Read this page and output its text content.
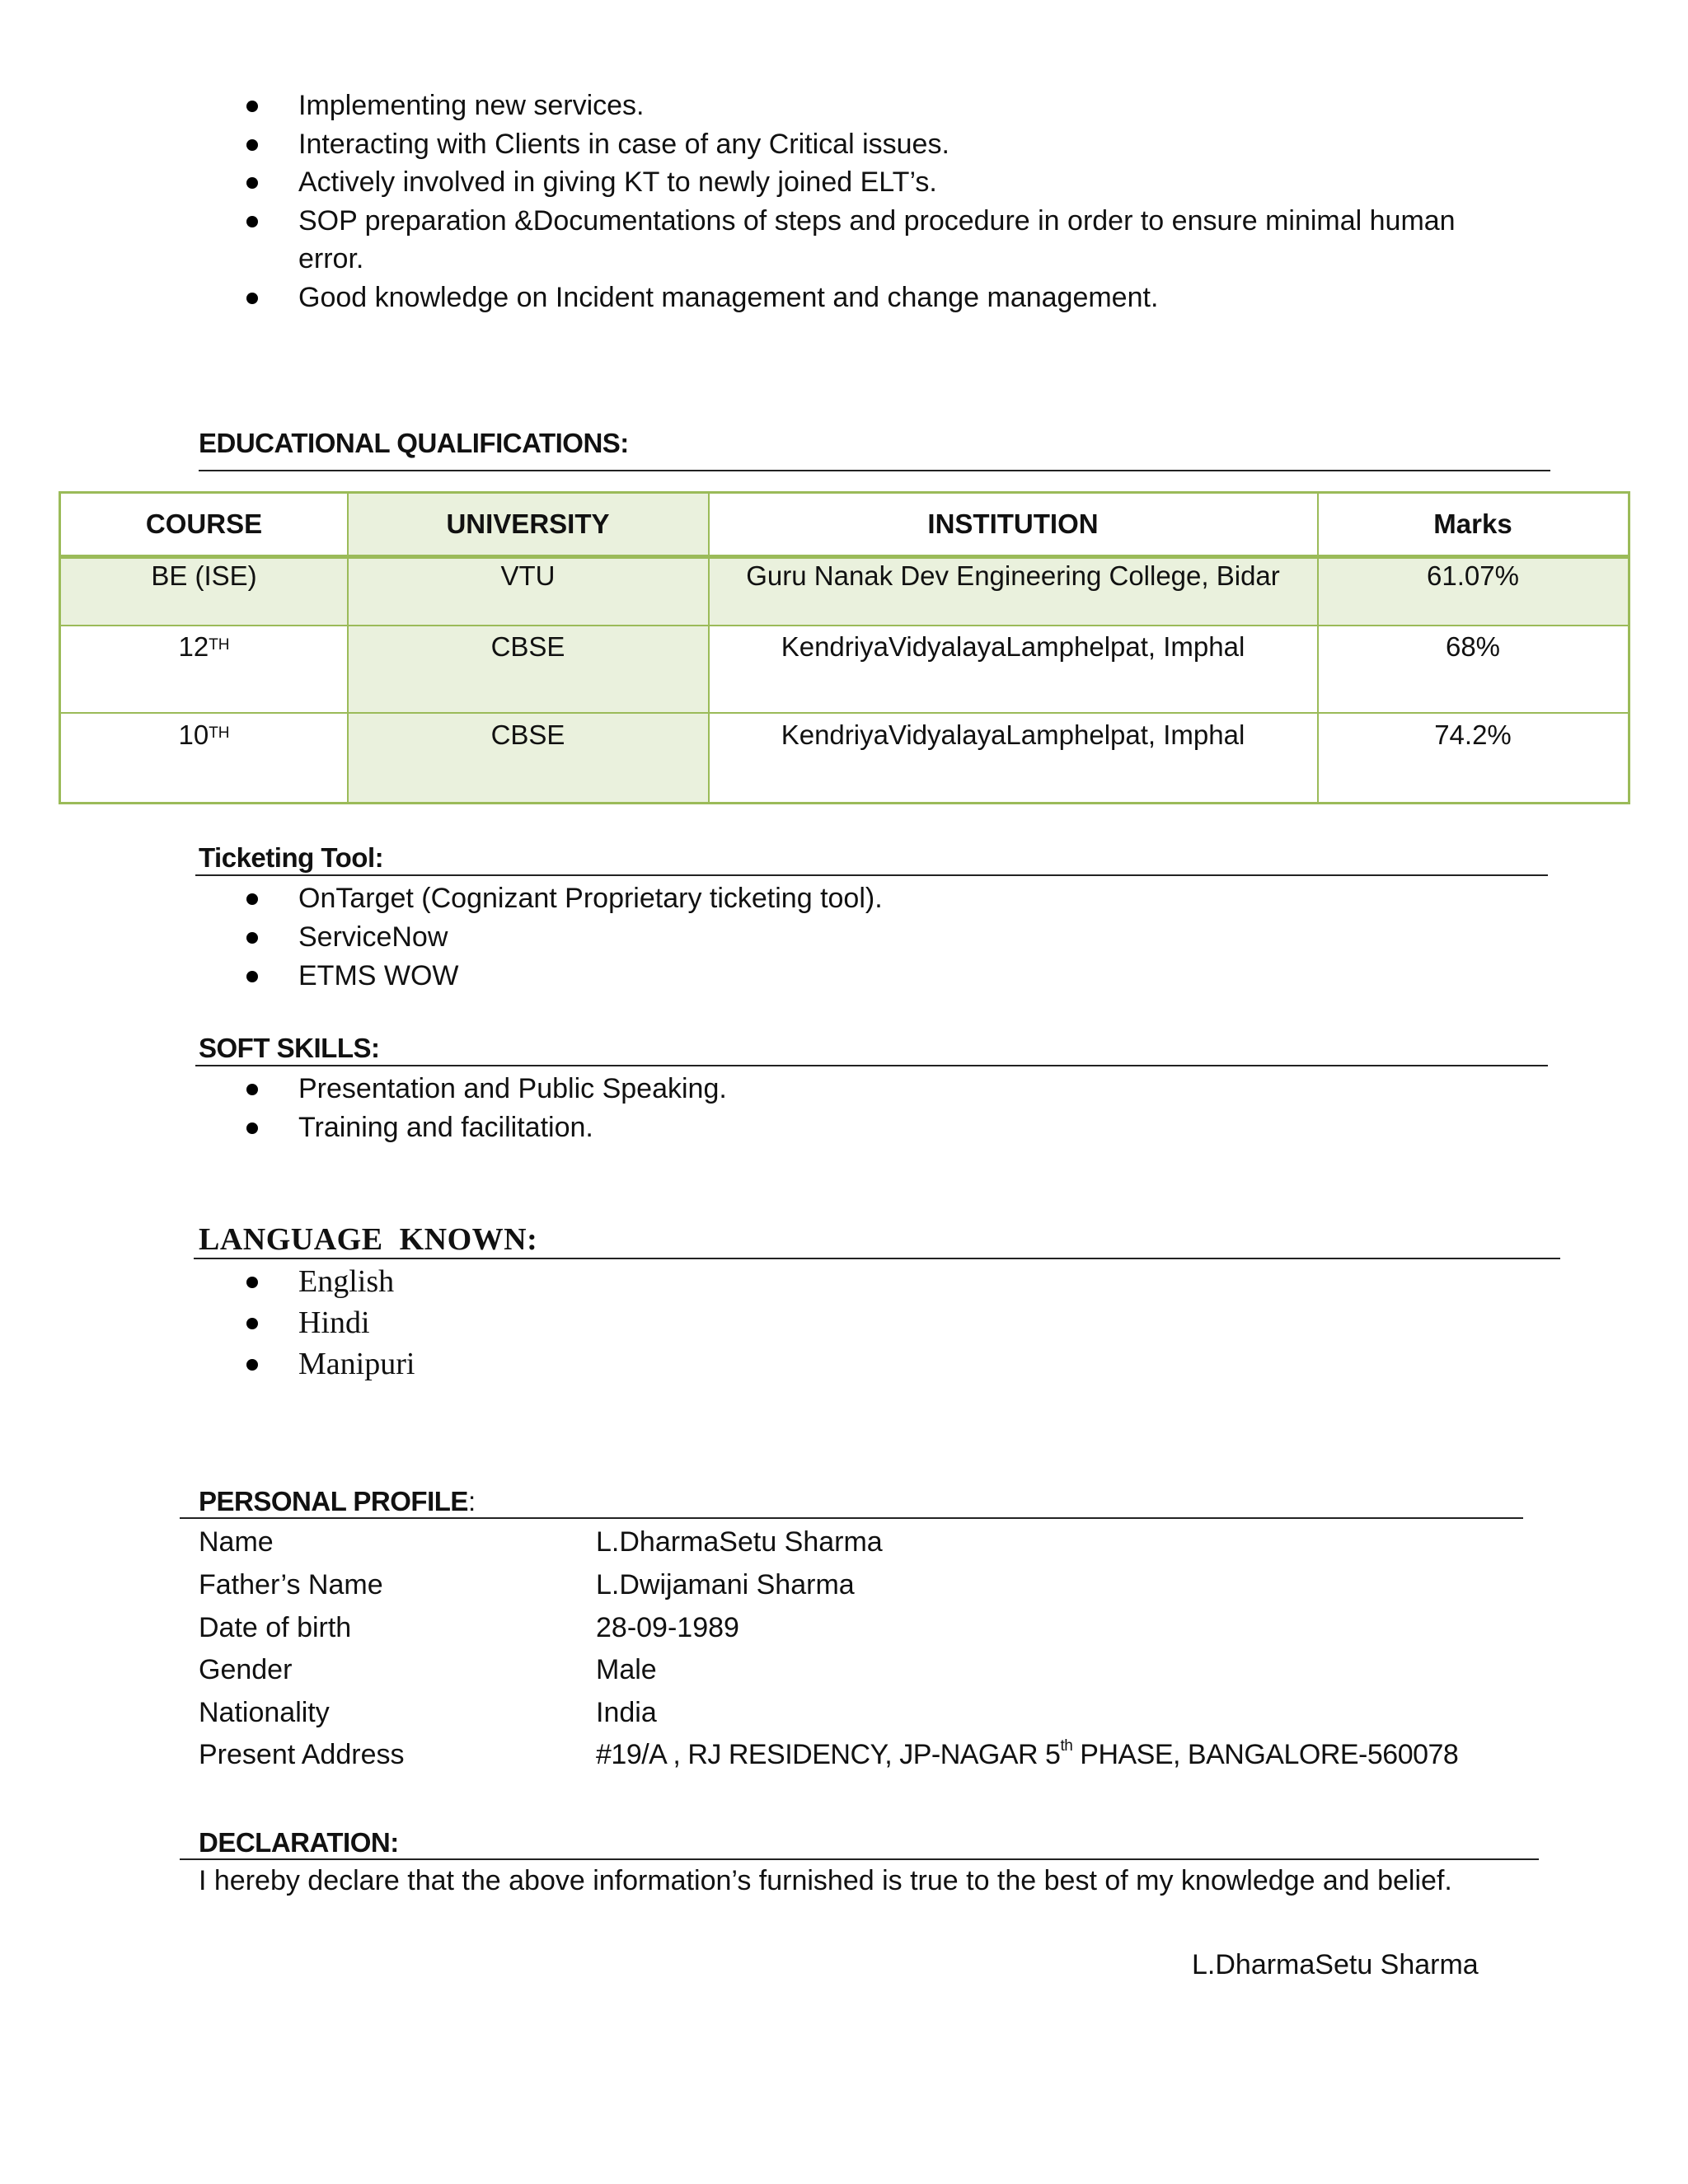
Implementing new services.
Interacting with Clients in case of any Critical issues.
Actively involved in giving KT to newly joined ELT’s.
SOP preparation &Documentations of steps and procedure in order to ensure minimal human error.
Good knowledge on Incident management and change management.
EDUCATIONAL QUALIFICATIONS:
COURSE	UNIVERSITY	INSTITUTION	Marks
BE (ISE)	VTU	Guru Nanak Dev Engineering College, Bidar	61.07%
12TH	CBSE	KendriyaVidyalayaLamphelpat, Imphal	68%
10TH	CBSE	KendriyaVidyalayaLamphelpat, Imphal	74.2%
Ticketing Tool:
OnTarget (Cognizant Proprietary ticketing tool).
ServiceNow
ETMS WOW
SOFT SKILLS:
Presentation and Public Speaking.
Training and facilitation.
LANGUAGE  KNOWN:
English
Hindi
Manipuri
PERSONAL PROFILE:
Name	L.DharmaSetu Sharma
Father’s Name	L.Dwijamani Sharma
Date of birth	28-09-1989
Gender	Male
Nationality	India
Present Address	#19/A , RJ RESIDENCY, JP-NAGAR 5th PHASE, BANGALORE-560078
DECLARATION:
I hereby declare that the above information’s furnished is true to the best of my knowledge and belief.
L.DharmaSetu Sharma
